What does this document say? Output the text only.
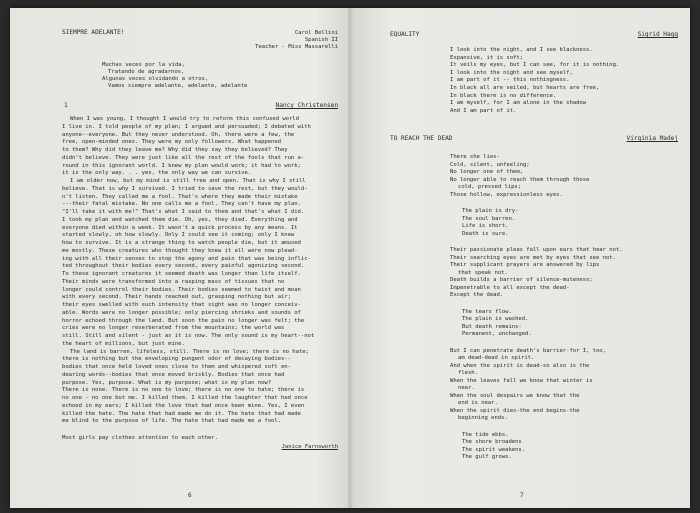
SIEMPRE ADELANTE!	Carol Bellini
Spanish II
Teacher - Miss Massarelli
Muchas veces por la vida,
Tratando de agradarnos,
Algunas veces olvidando a otros,
Vamos siempre adelante, adelante, adelante
1	Nancy Christensen
When I was young, I thought I would try to reform this confused world
I live in. I told people of my plan; I argued and persuaded; I debated with
anyone--everyone. But they never understood. Oh, there were a few, the
free, open-minded ones. They were my only followers. What happened
to them? Why did they leave me? Why did they say they believed? They
didn't believe. They were just like all the rest of the fools that run a-
round in this ignorant world. I knew my plan would work; it had to work;
it is the only way. . . yes, the only way we can survive.
I am older now, but my mind is still free and open. That is why I still
believe. That is why I survived. I tried to save the rest, but they would-
n't listen. They called me a fool. That's where they made their mistake
---their fatal mistake. No one calls me a fool. They can't have my plan.
"I'll take it with me!" That's what I said to them and that's what I did.
I took my plan and watched them die. Oh, yes, they died. Everything and
everyone died within a week. It wasn't a quick process by any means. It
started slowly, oh how slowly. Only I could see it coming; only I knew
how to survive. It is a strange thing to watch people die, but it amused
me mostly. These creatures who thought they knew it all were now plead-
ing with all their senses to stop the agony and pain that was being inflic-
ted throughout their bodies every second, every painful agonizing second.
To these ignorant creatures it seemed death was longer than life itself.
Their minds were transformed into a rasping mass of tissues that no
longer could control their bodies. Their bodies seemed to twist and moan
with every second. Their hands reached out, grasping nothing but air;
their eyes swelled with such intensity that sight was no longer conceiv-
able. Words were no longer possible; only piercing shrieks and sounds of
horror echoed through the land. But soon the pain no longer was felt; the
cries were no longer reverberated from the mountains; the world was
still. Still and silent - just as it is now. The only sound is my heart--not
the heart of millions, but just mine.
The land is barren, lifeless, still. There is no love; there is no hate;
there is nothing but the enveloping pungent odor of decaying bodies--
bodies that once held loved ones close to them and whispered soft en-
dearing words--bodies that once moved briskly. Bodies that once had
purpose. Yes, purpose. What is my purpose; what is my plan now?
There is none. There is no one to love; there is no one to hate; there is
no one - no one but me. I killed them. I killed the laughter that had once
echoed in my ears; I killed the love that had once been mine. Yes, I even
killed the hate. The hate that had made me do it. The hate that had made
me blind to the purpose of life. The hate that had made me a fool.
Most girls pay clothes attention to each other.
Janice Farnsworth
6
EQUALITY	Sigrid Hagg
I look into the night, and I see blackness.
Expansive, it is soft;
It veils my eyes, but I can see, for it is nothing.
I look into the night and see myself,
I am part of it -- this nothingness.
In black all are veiled, but hearts are free,
In black there is no difference.
I am myself, for I am alone in the shadow
And I am part of it.
TO REACH THE DEAD	Virginia Madej
There she lies-
Cold, silent, unfeeling;
No longer one of them,
No longer able to reach them through those
cold, pressed lips;
Those hollow, expressionless eyes.
The plain is dry-
The soul barren.
Life is short.
Death is sure.
Their passionate pleas fall upon ears that hear not.
Their searching eyes are met by eyes that see not.
Their supplicant prayers are answered by lips
that speak not.
Death builds a barrier of silence-muteness;
Impenetrable to all except the dead-
Except the dead.
The tears flow.
The plain is washed.
But death remains-
Permanent, unchanged.
But I can penetrate death's barrier-for I, too,
am dead-dead in spirit.
And when the spirit is dead-so also is the
flesh.
When the leaves fall we know that winter is
near.
When the soul despairs we know that the
end is near.
When the spirit dies-the end begins-the
beginning ends.
The tide ebbs.
The shore broadens
The spirit weakens.
The gulf grows.
7
